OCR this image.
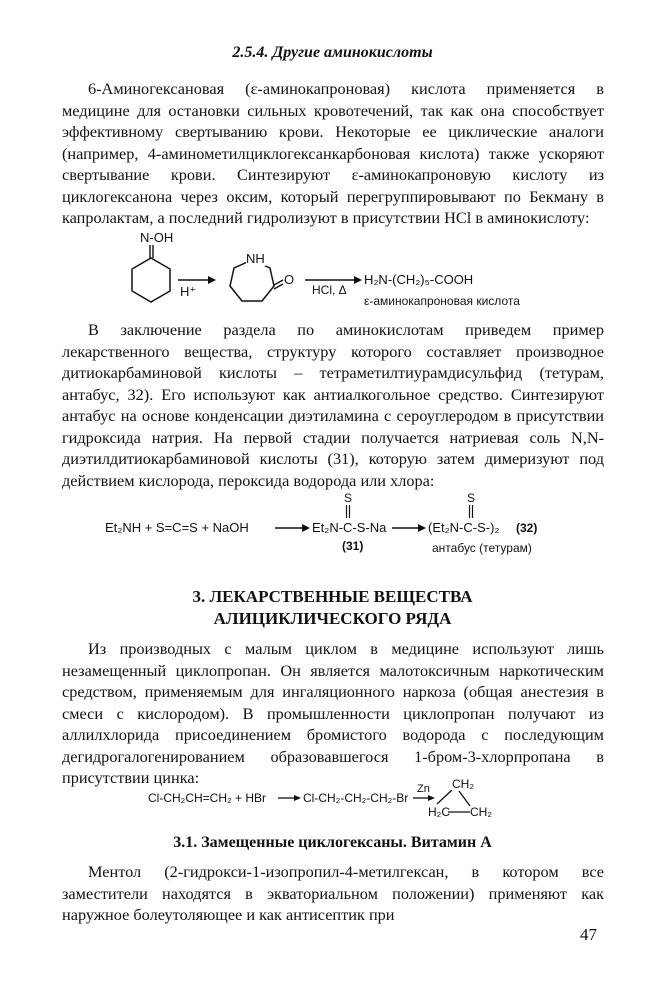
2.5.4. Другие аминокислоты
6-Аминогексановая (ε-аминокапроновая) кислота применяется в медицине для остановки сильных кровотечений, так как она способствует эффективному свертыванию крови. Некоторые ее циклические аналоги (например, 4-аминометилциклогексанкарбоновая кислота) также ускоряют свертывание крови. Синтезируют ε-аминокапроновую кислоту из циклогексанона через оксим, который перегруппировывают по Бекману в капролактам, а последний гидролизуют в присутствии HCl в аминокислоту:
N-OH
H⁺
NH
O
HCl, Δ
H₂N-(CH₂)₅-COOH
ε-аминокапроновая кислота
В заключение раздела по аминокислотам приведем пример лекарственного вещества, структуру которого составляет производное дитиокарбаминовой кислоты – тетраметилтиурамдисульфид (тетурам, антабус, 32). Его используют как антиалкогольное средство. Синтезируют антабус на основе конденсации диэтиламина с сероуглеродом в присутствии гидроксида натрия. На первой стадии получается натриевая соль N,N-диэтилдитиокарбаминовой кислоты (31), которую затем димеризуют под действием кислорода, пероксида водорода или хлора:
Et₂NH + S=C=S + NaOH
S
Et₂N-C-S-Na
(31)
S
(Et₂N-C-S-)₂ (32)
антабус (тетурам)
3. ЛЕКАРСТВЕННЫЕ ВЕЩЕСТВА
АЛИЦИКЛИЧЕСКОГО РЯДА
Из производных с малым циклом в медицине используют лишь незамещенный циклопропан. Он является малотоксичным наркотическим средством, применяемым для ингаляционного наркоза (общая анестезия в смеси с кислородом). В промышленности циклопропан получают из аллилхлорида присоединением бромистого водорода с последующим дегидрогалогенированием образовавшегося 1-бром-3-хлорпропана в присутствии цинка:
Cl-CH₂CH=CH₂ + HBr	Cl-CH₂-CH₂-CH₂-Br
Zn CH₂
H₂C CH₂
3.1. Замещенные циклогексаны. Витамин А
Ментол (2-гидрокси-1-изопропил-4-метилгексан, в котором все заместители находятся в экваториальном положении) применяют как наружное болеутоляющее и как антисептик при
47
